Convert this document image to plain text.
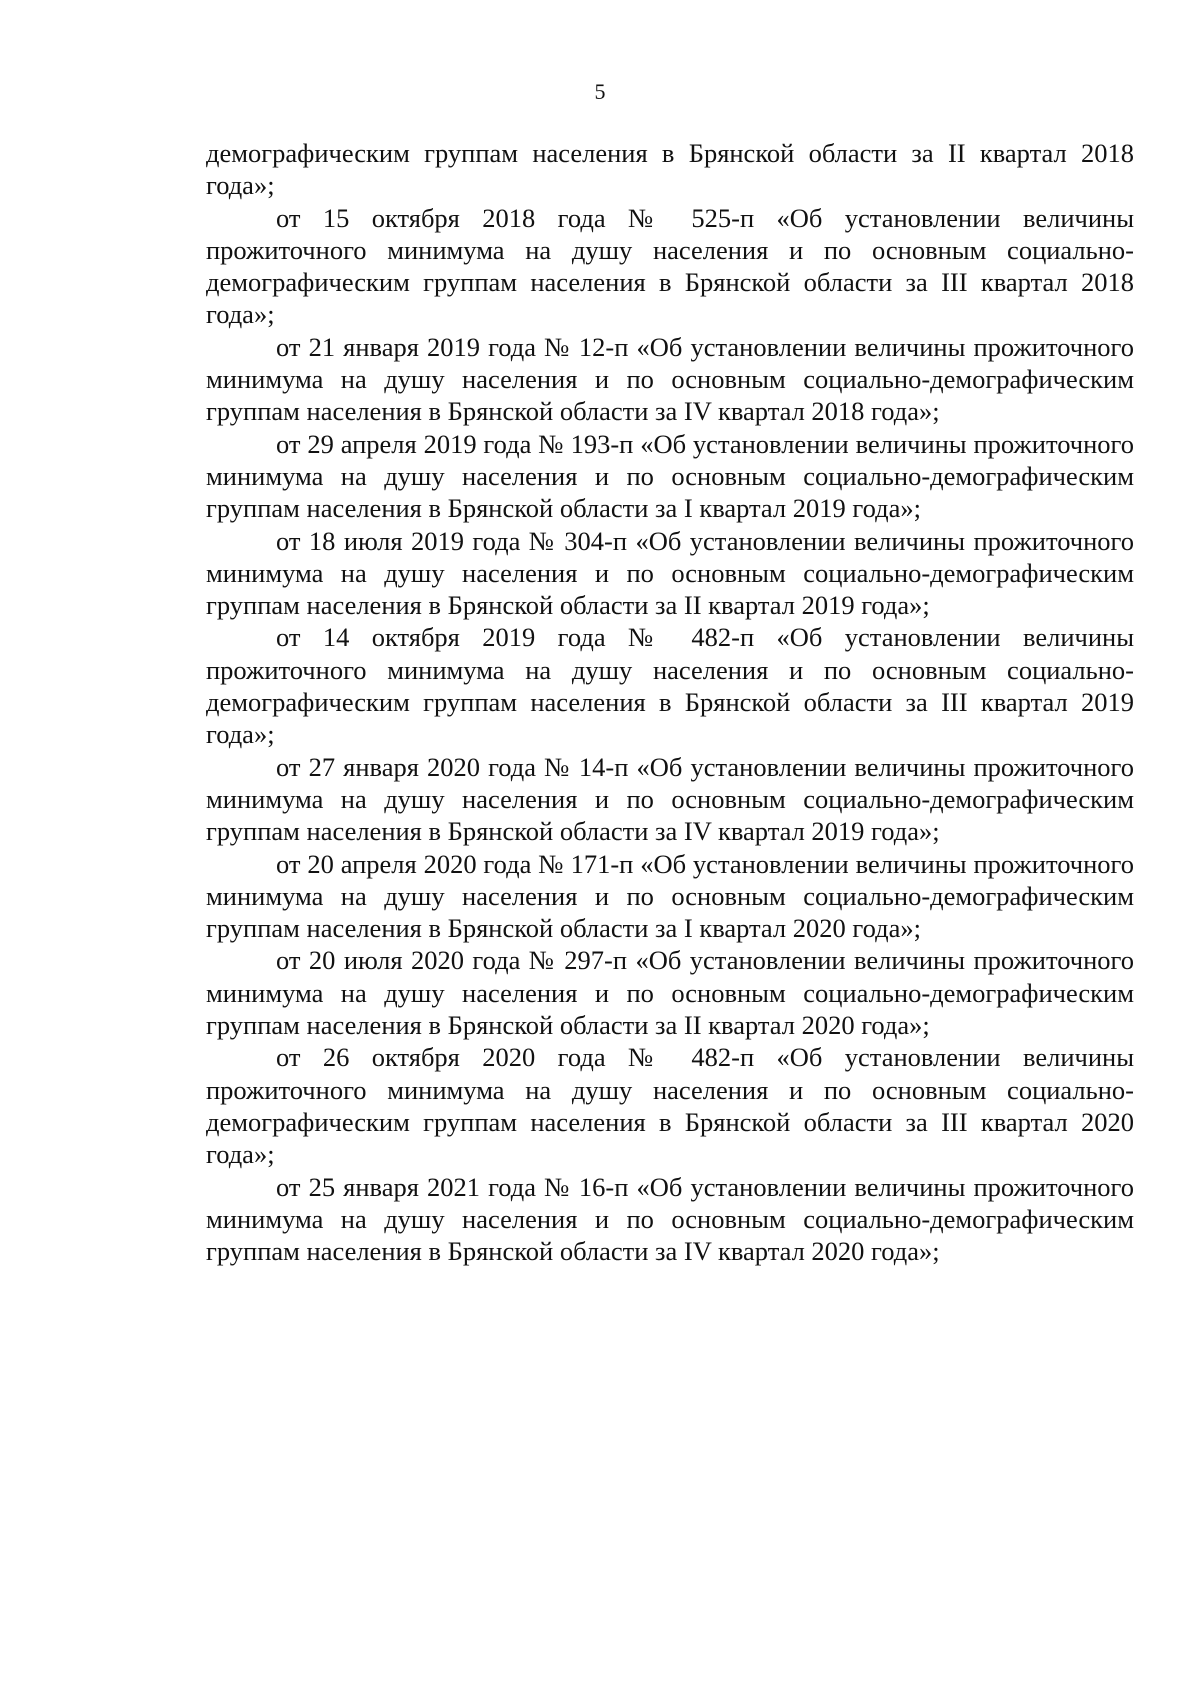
5

демографическим группам населения в Брянской области за II квартал 2018 года»;

от 15 октября 2018 года № 525-п «Об установлении величины прожиточного минимума на душу населения и по основным социально-демографическим группам населения в Брянской области за III квартал 2018 года»;

от 21 января 2019 года № 12-п «Об установлении величины прожиточного минимума на душу населения и по основным социально-демографическим группам населения в Брянской области за IV квартал 2018 года»;

от 29 апреля 2019 года № 193-п «Об установлении величины прожиточного минимума на душу населения и по основным социально-демографическим группам населения в Брянской области за I квартал 2019 года»;

от 18 июля 2019 года № 304-п «Об установлении величины прожиточного минимума на душу населения и по основным социально-демографическим группам населения в Брянской области за II квартал 2019 года»;

от 14 октября 2019 года № 482-п «Об установлении величины прожиточного минимума на душу населения и по основным социально-демографическим группам населения в Брянской области за III квартал 2019 года»;

от 27 января 2020 года № 14-п «Об установлении величины прожиточного минимума на душу населения и по основным социально-демографическим группам населения в Брянской области за IV квартал 2019 года»;

от 20 апреля 2020 года № 171-п «Об установлении величины прожиточного минимума на душу населения и по основным социально-демографическим группам населения в Брянской области за I квартал 2020 года»;

от 20 июля 2020 года № 297-п «Об установлении величины прожиточного минимума на душу населения и по основным социально-демографическим группам населения в Брянской области за II квартал 2020 года»;

от 26 октября 2020 года № 482-п «Об установлении величины прожиточного минимума на душу населения и по основным социально-демографическим группам населения в Брянской области за III квартал 2020 года»;

от 25 января 2021 года № 16-п «Об установлении величины прожиточного минимума на душу населения и по основным социально-демографическим группам населения в Брянской области за IV квартал 2020 года»;
